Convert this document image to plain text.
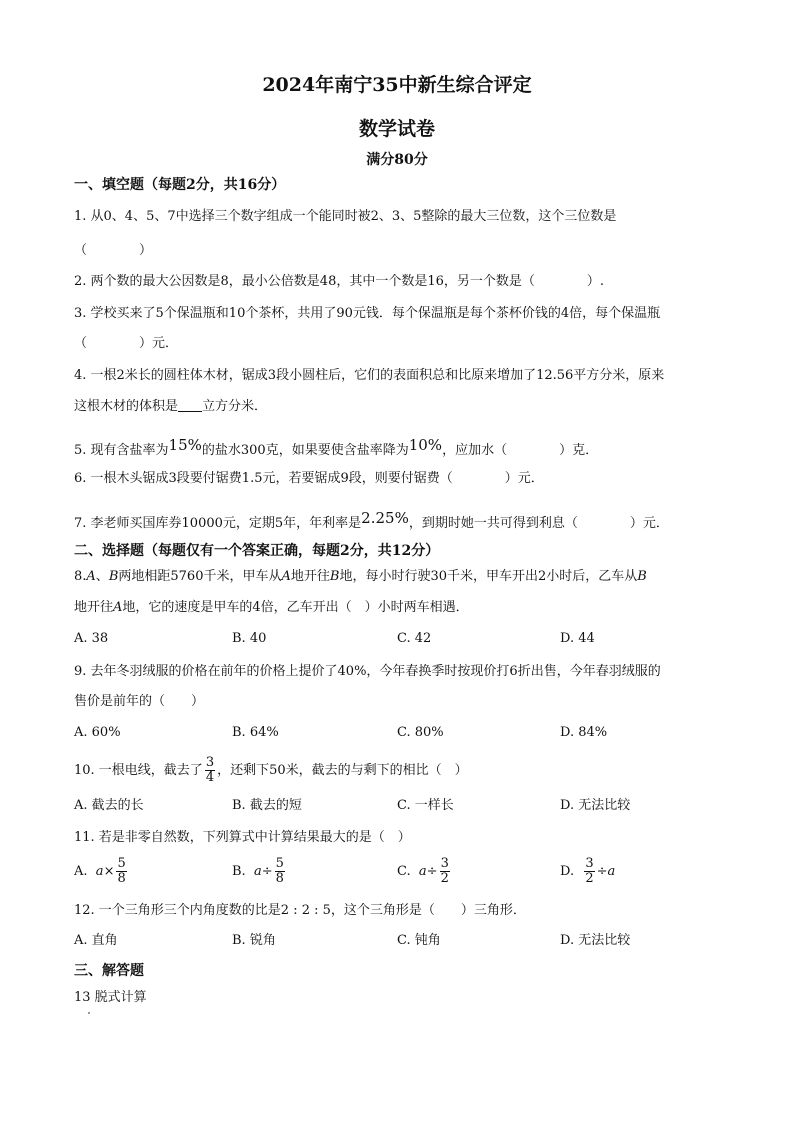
2024年南宁35中新生综合评定
数学试卷
满分80分
一、填空题（每题2分，共16分）
1. 从0、4、5、7中选择三个数字组成一个能同时被2、3、5整除的最大三位数，这个三位数是
（　　　　）
2. 两个数的最大公因数是8，最小公倍数是48，其中一个数是16，另一个数是（　　　　）.
3. 学校买来了5个保温瓶和10个茶杯，共用了90元钱．每个保温瓶是每个茶杯价钱的4倍，每个保温瓶
（　　　　）元．
4. 一根2米长的圆柱体木材，锯成3段小圆柱后，它们的表面积总和比原来增加了12.56平方分米，原来
这根木材的体积是 立方分米．
5. 现有含盐率为15%的盐水300克，如果要使含盐率降为10%，应加水（　　　　）克．
6. 一根木头锯成3段要付锯费1.5元，若要锯成9段，则要付锯费（　　　　）元．
7. 李老师买国库券10000元，定期5年，年利率是2.25%，到期时她一共可得到利息（　　　　）元．
二、选择题（每题仅有一个答案正确，每题2分，共12分）
8.A、B两地相距5760千米，甲车从A地开往B地，每小时行驶30千米，甲车开出2小时后，乙车从B
地开往A地，它的速度是甲车的4倍，乙车开出（　）小时两车相遇．
A. 38	B. 40	C. 42	D. 44
9. 去年冬羽绒服的价格在前年的价格上提价了40%，今年春换季时按现价打6折出售，今年春羽绒服的
售价是前年的（　　）
A. 60%	B. 64%	C. 80%	D. 84%
10. 一根电线，截去了 $\frac{3}{4}$ ，还剩下50米，截去的与剩下的相比（　）
A. 截去的长	B. 截去的短	C. 一样长	D. 无法比较
11. 若是非零自然数，下列算式中计算结果最大的是（　）
A. $a\times \frac{5}{8}$	B. $a\div \frac{5}{8}$	C. $a\div \frac{3}{2}$	D. $\frac{3}{2} \div a$
12. 一个三角形三个内角度数的比是2 : 2 : 5，这个三角形是（　　）三角形．
A. 直角	B. 锐角	C. 钝角	D. 无法比较
三、解答题
13 脱式计算
